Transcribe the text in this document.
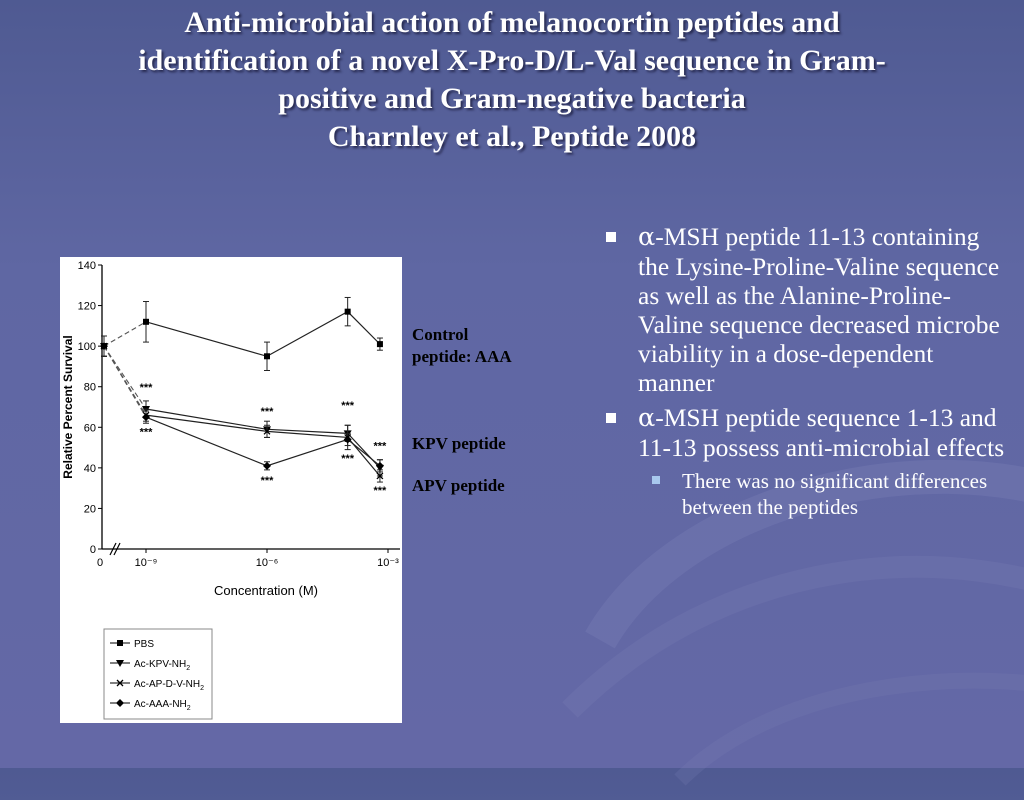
Anti-microbial action of melanocortin peptides and
identification of a novel X-Pro-D/L-Val sequence in Gram-
positive and Gram-negative bacteria
Charnley et al., Peptide 2008
0
20
40
60
80
100
120
140
Relative Percent Survival
0	10⁻⁹	10⁻⁶	10⁻³
Concentration (M)
***
***
***
***
***
***
***
***
PBS
$Ac-KPV-NH_2$
$Ac-AP-D-V-NH_2$
$Ac-AAA-NH_2$
Control
peptide: AAA
KPV peptide
APV peptide
α-MSH peptide 11-13 containing the Lysine-Proline-Valine sequence as well as the Alanine-Proline-Valine sequence decreased microbe viability in a dose-dependent manner
α-MSH peptide sequence 1-13 and 11-13 possess anti-microbial effects
There was no significant differences between the peptides
